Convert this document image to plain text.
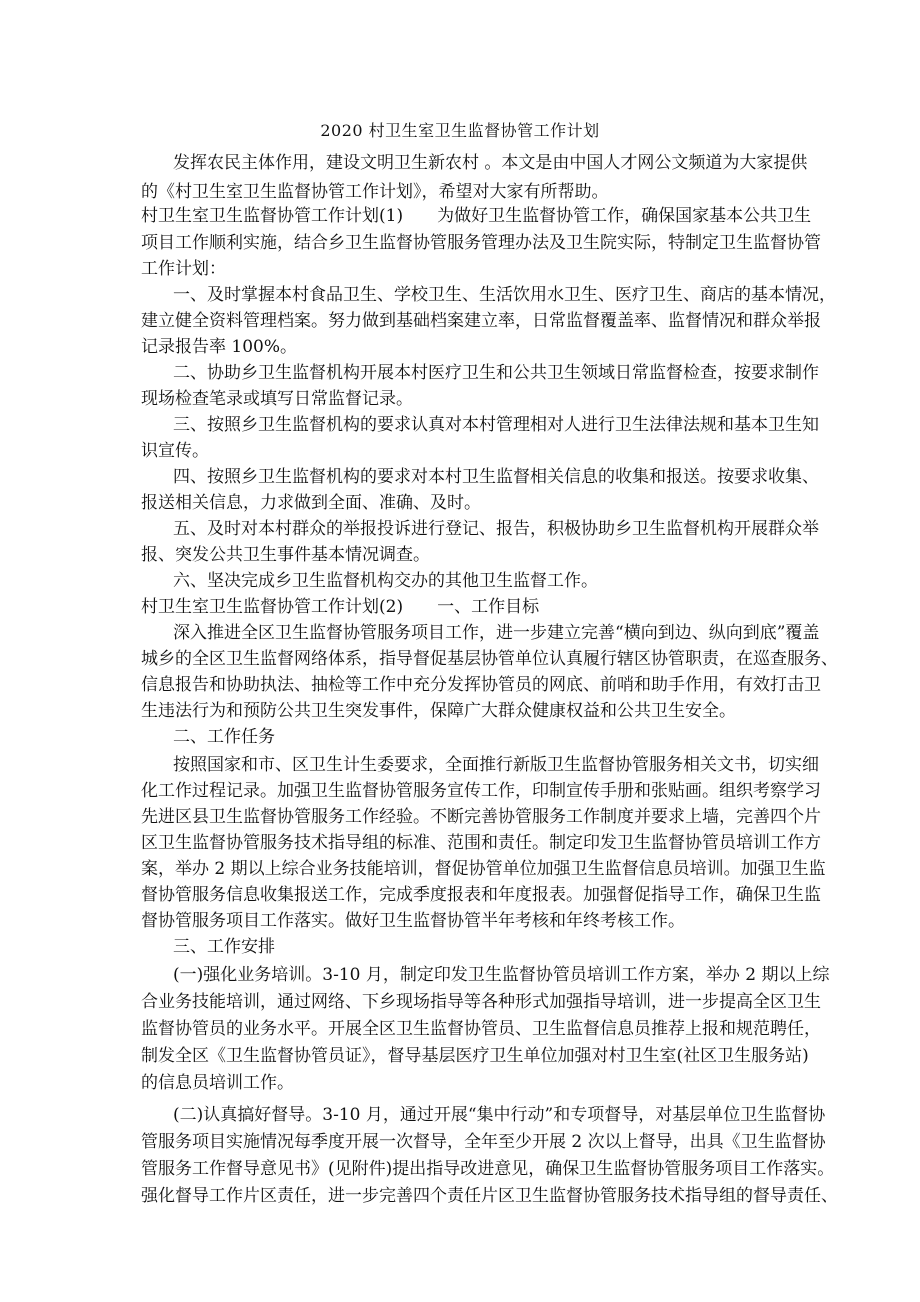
2020 村卫生室卫生监督协管工作计划
发挥农民主体作用，建设文明卫生新农村 。本文是由中国人才网公文频道为大家提供
的《村卫生室卫生监督协管工作计划》，希望对大家有所帮助。
村卫生室卫生监督协管工作计划(1)　　为做好卫生监督协管工作，确保国家基本公共卫生
项目工作顺利实施，结合乡卫生监督协管服务管理办法及卫生院实际，特制定卫生监督协管
工作计划：
一、及时掌握本村食品卫生、学校卫生、生活饮用水卫生、医疗卫生、商店的基本情况，
建立健全资料管理档案。努力做到基础档案建立率，日常监督覆盖率、监督情况和群众举报
记录报告率 100%。
二、协助乡卫生监督机构开展本村医疗卫生和公共卫生领域日常监督检查，按要求制作
现场检查笔录或填写日常监督记录。
三、按照乡卫生监督机构的要求认真对本村管理相对人进行卫生法律法规和基本卫生知
识宣传。
四、按照乡卫生监督机构的要求对本村卫生监督相关信息的收集和报送。按要求收集、
报送相关信息，力求做到全面、准确、及时。
五、及时对本村群众的举报投诉进行登记、报告，积极协助乡卫生监督机构开展群众举
报、突发公共卫生事件基本情况调查。
六、坚决完成乡卫生监督机构交办的其他卫生监督工作。
村卫生室卫生监督协管工作计划(2)　　一、工作目标
深入推进全区卫生监督协管服务项目工作，进一步建立完善“横向到边、纵向到底”覆盖
城乡的全区卫生监督网络体系，指导督促基层协管单位认真履行辖区协管职责，在巡查服务、
信息报告和协助执法、抽检等工作中充分发挥协管员的网底、前哨和助手作用，有效打击卫
生违法行为和预防公共卫生突发事件，保障广大群众健康权益和公共卫生安全。
二、工作任务
按照国家和市、区卫生计生委要求，全面推行新版卫生监督协管服务相关文书，切实细
化工作过程记录。加强卫生监督协管服务宣传工作，印制宣传手册和张贴画。组织考察学习
先进区县卫生监督协管服务工作经验。不断完善协管服务工作制度并要求上墙，完善四个片
区卫生监督协管服务技术指导组的标准、范围和责任。制定印发卫生监督协管员培训工作方
案，举办 2 期以上综合业务技能培训，督促协管单位加强卫生监督信息员培训。加强卫生监
督协管服务信息收集报送工作，完成季度报表和年度报表。加强督促指导工作，确保卫生监
督协管服务项目工作落实。做好卫生监督协管半年考核和年终考核工作。
三、工作安排
(一)强化业务培训。3-10 月，制定印发卫生监督协管员培训工作方案，举办 2 期以上综
合业务技能培训，通过网络、下乡现场指导等各种形式加强指导培训，进一步提高全区卫生
监督协管员的业务水平。开展全区卫生监督协管员、卫生监督信息员推荐上报和规范聘任，
制发全区《卫生监督协管员证》，督导基层医疗卫生单位加强对村卫生室(社区卫生服务站)
的信息员培训工作。
(二)认真搞好督导。3-10 月，通过开展“集中行动”和专项督导，对基层单位卫生监督协
管服务项目实施情况每季度开展一次督导，全年至少开展 2 次以上督导，出具《卫生监督协
管服务工作督导意见书》(见附件)提出指导改进意见，确保卫生监督协管服务项目工作落实。
强化督导工作片区责任，进一步完善四个责任片区卫生监督协管服务技术指导组的督导责任、
